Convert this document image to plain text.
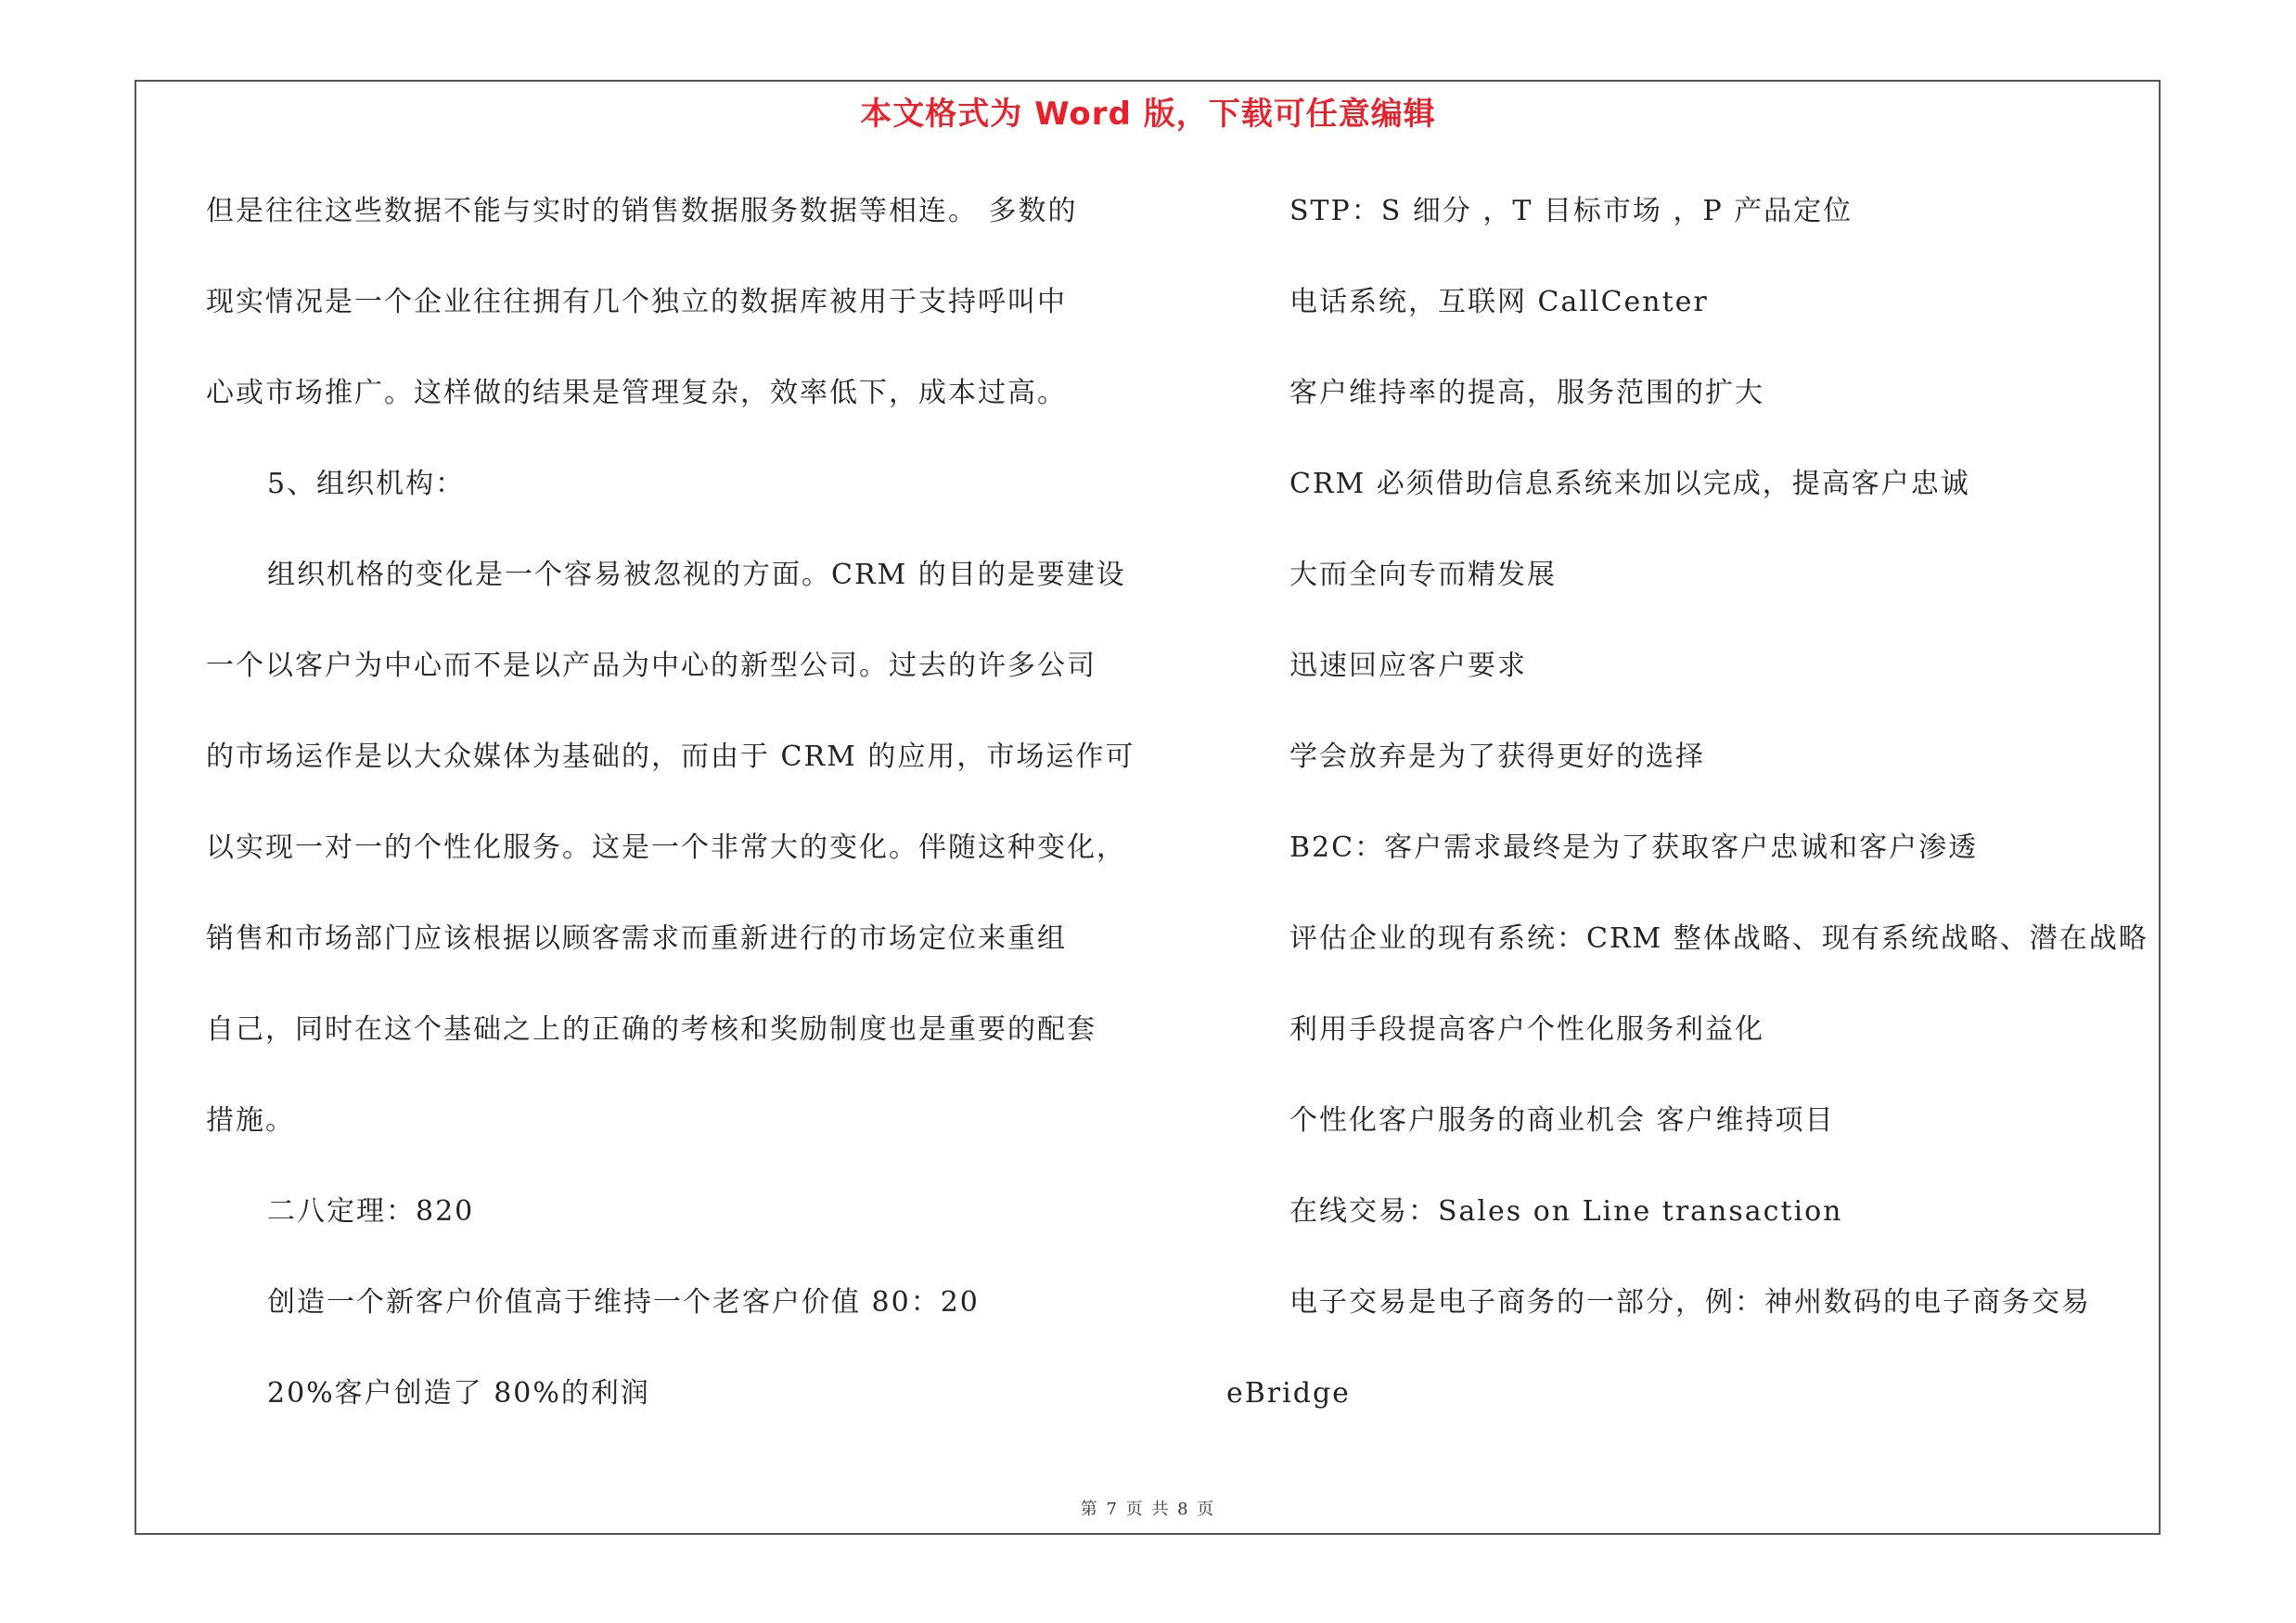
本文格式为 Word 版，下载可任意编辑
但是往往这些数据不能与实时的销售数据服务数据等相连。 多数的
现实情况是一个企业往往拥有几个独立的数据库被用于支持呼叫中
心或市场推广。这样做的结果是管理复杂，效率低下，成本过高。
5、组织机构：
组织机格的变化是一个容易被忽视的方面。CRM 的目的是要建设
一个以客户为中心而不是以产品为中心的新型公司。过去的许多公司
的市场运作是以大众媒体为基础的，而由于 CRM 的应用，市场运作可
以实现一对一的个性化服务。这是一个非常大的变化。伴随这种变化，
销售和市场部门应该根据以顾客需求而重新进行的市场定位来重组
自己，同时在这个基础之上的正确的考核和奖励制度也是重要的配套
措施。
二八定理：820
创造一个新客户价值高于维持一个老客户价值 80：20
20%客户创造了 80%的利润
STP：S 细分 ，T 目标市场 ，P 产品定位
电话系统，互联网 CallCenter
客户维持率的提高，服务范围的扩大
CRM 必须借助信息系统来加以完成，提高客户忠诚
大而全向专而精发展
迅速回应客户要求
学会放弃是为了获得更好的选择
B2C：客户需求最终是为了获取客户忠诚和客户渗透
评估企业的现有系统：CRM 整体战略、现有系统战略、潜在战略
利用手段提高客户个性化服务利益化
个性化客户服务的商业机会 客户维持项目
在线交易：Sales on Line transaction
电子交易是电子商务的一部分，例：神州数码的电子商务交易
eBridge
第 7 页 共 8 页
